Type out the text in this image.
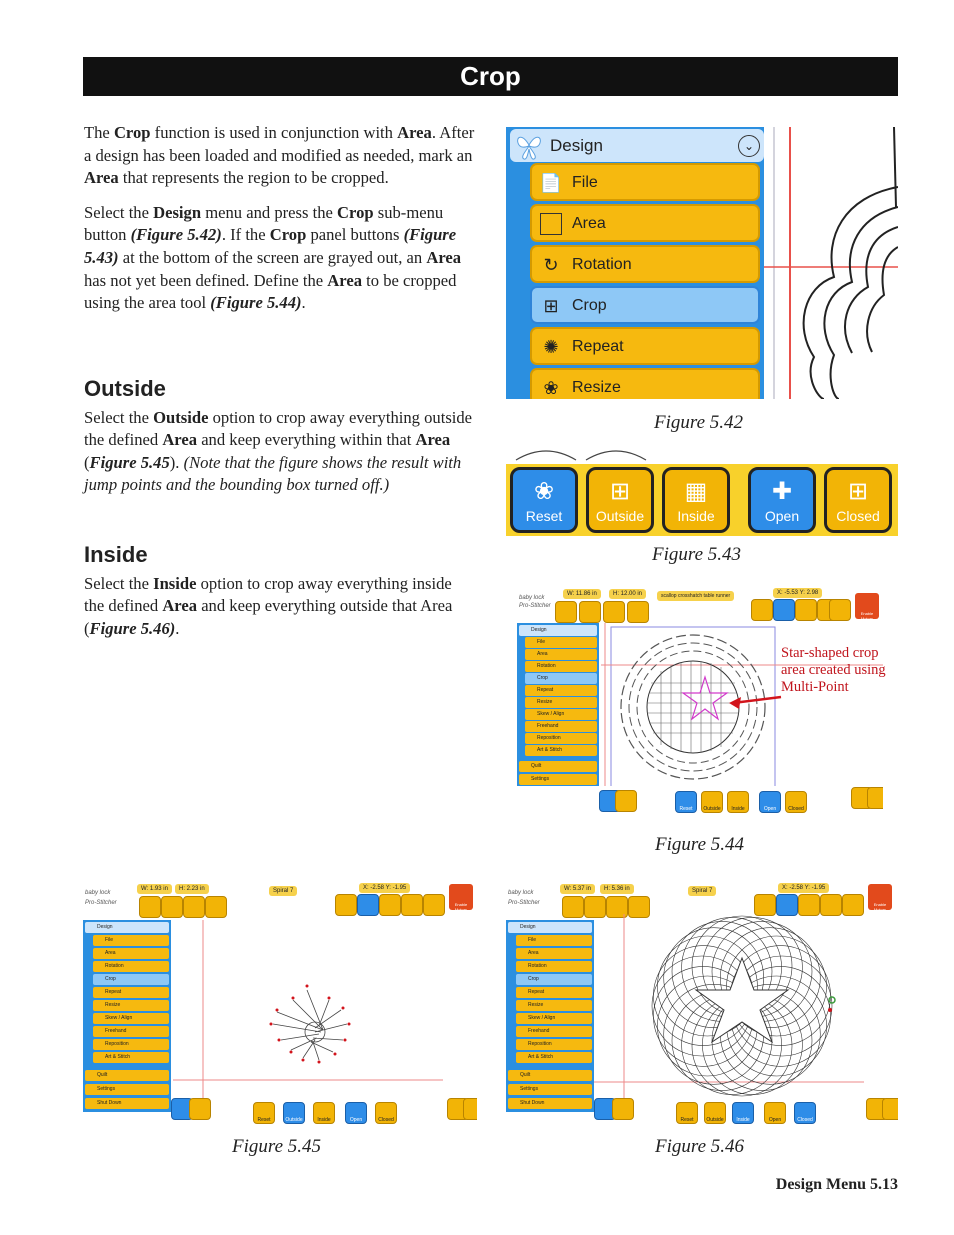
Crop

The Crop function is used in conjunction with Area. After a design has been loaded and modified as needed, mark an Area that represents the region to be cropped.

Select the Design menu and press the Crop sub-menu button (Figure 5.42). If the Crop panel buttons (Figure 5.43) at the bottom of the screen are grayed out, an Area has not yet been defined. Define the Area to be cropped using the area tool (Figure 5.44).

Outside

Select the Outside option to crop away everything outside the defined Area and keep everything within that Area (Figure 5.45). (Note that the figure shows the result with jump points and the bounding box turned off.)

Inside

Select the Inside option to crop away everything inside the defined Area and keep everything outside that Area (Figure 5.46).

Design	⌄
📄 File
Area
↻ Rotation
⊞ Crop
✺ Repeat
❀ Resize
Figure 5.42
❀
Reset
⊞
Outside
▦
Inside
✚
Open
⊞
Closed
Figure 5.43
baby lock
Pro-Stitcher
W: 11.86 in	H: 12.00 in	scallop crosshatch table runner	X: -5.53 Y: 2.98
Enable Motors
Design
File
Area
Rotation
Crop
Repeat
Resize
Skew / Align
Freehand
Reposition
Art & Stitch
Quilt
Settings
Reset	Outside	Inside	Open	Closed
Star-shaped crop area created using Multi-Point
Figure 5.44
baby lock
Pro-Stitcher
W: 1.93 in	H: 2.23 in	Spiral 7	X: -2.58 Y: -1.95
Enable Motors
Design
File
Area
Rotation
Crop
Repeat
Resize
Skew / Align
Freehand
Reposition
Art & Stitch
Quilt
Settings
Shut Down
Reset	Outside	Inside	Open	Closed
Figure 5.45
baby lock
Pro-Stitcher
W: 5.37 in	H: 5.36 in	Spiral 7	X: -2.58 Y: -1.95
Enable Motors
Design
File
Area
Rotation
Crop
Repeat
Resize
Skew / Align
Freehand
Reposition
Art & Stitch
Quilt
Settings
Shut Down
Reset	Outside	Inside	Open	Closed
Figure 5.46
Design Menu 5.13
